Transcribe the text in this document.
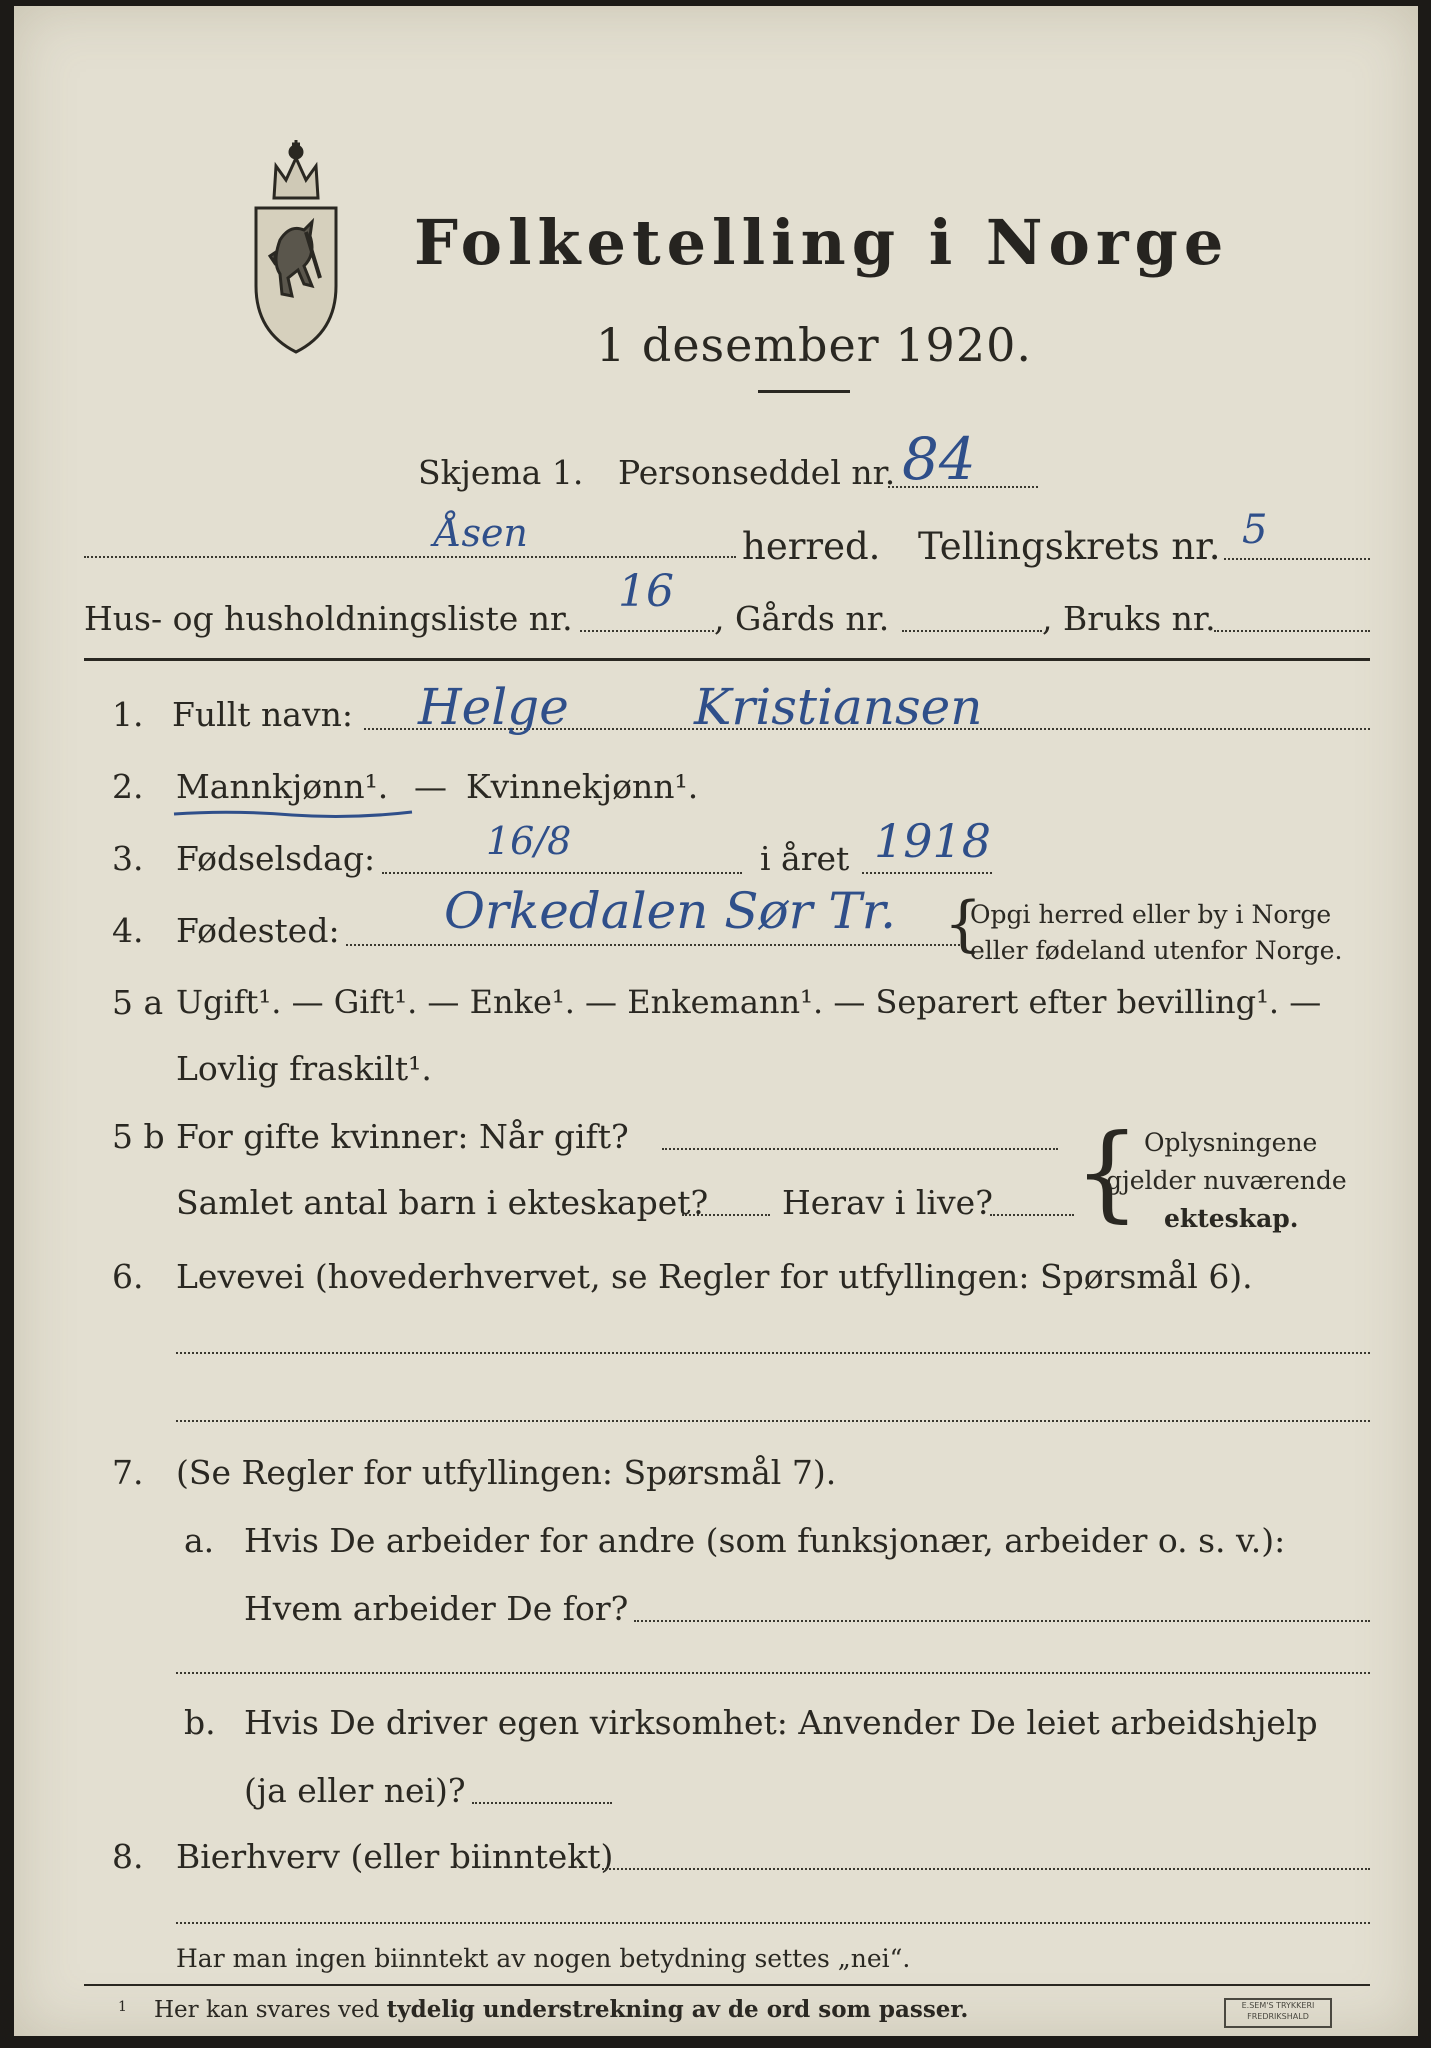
Folketelling i Norge
1 desember 1920.
Skjema 1. Personseddel nr. 84
Åsen	herred. Tellingskrets nr. 5
Hus- og husholdningsliste nr.
16
, Gårds nr.	, Bruks nr.
1. Fullt navn: Helge	Kristiansen
2. Mannkjønn¹. — Kvinnekjønn¹.
3. Fødselsdag:	16/8	i året 1918
4. Fødested: Orkedalen Sør Tr. {
Opgi herred eller by i Norge
eller fødeland utenfor Norge.
5 a Ugift¹. — Gift¹. — Enke¹. — Enkemann¹. — Separert efter bevilling¹. —
Lovlig fraskilt¹.
5 b For gifte kvinner: Når gift?
Samlet antal barn i ekteskapet? Herav i live? { Oplysningene
gjelder nuværende
ekteskap.
6. Levevei (hovederhvervet, se Regler for utfyllingen: Spørsmål 6).
7. (Se Regler for utfyllingen: Spørsmål 7).
a. Hvis De arbeider for andre (som funksjonær, arbeider o. s. v.):
Hvem arbeider De for?
b. Hvis De driver egen virksomhet: Anvender De leiet arbeidshjelp
(ja eller nei)?
8. Bierhverv (eller biinntekt)
Har man ingen biinntekt av nogen betydning settes „nei“.
1 Her kan svares ved tydelig understrekning av de ord som passer.	E.SEM'S TRYKKERI
FREDRIKSHALD
